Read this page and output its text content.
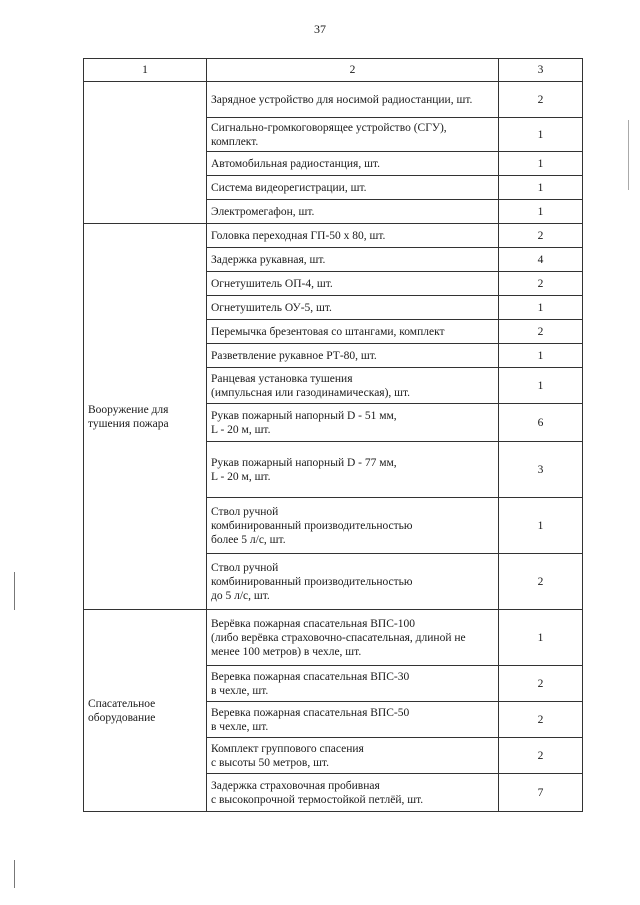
37
1	2	3
	Зарядное устройство для носимой радиостанции, шт.	2
	Сигнально-громкоговорящее устройство (СГУ), комплект.	1
	Автомобильная радиостанция, шт.	1
	Система видеорегистрации, шт.	1
	Электромегафон, шт.	1
Вооружение для тушения пожара	Головка переходная ГП-50 х 80, шт.	2
	Задержка рукавная, шт.	4
	Огнетушитель ОП-4, шт.	2
	Огнетушитель ОУ-5, шт.	1
	Перемычка брезентовая со штангами, комплект	2
	Разветвление рукавное РТ-80, шт.	1
	Ранцевая установка тушения
(импульсная или газодинамическая), шт.	1
	Рукав пожарный напорный D - 51 мм,
L - 20 м, шт.	6
	Рукав пожарный напорный D - 77 мм,
L - 20 м, шт.	3
	Ствол ручной
комбинированный производительностью
более 5 л/с, шт.	1
	Ствол ручной
комбинированный производительностью
до 5 л/с, шт.	2
Спасательное оборудование	Верёвка пожарная спасательная ВПС-100
(либо верёвка страховочно-спасательная, длиной не менее 100 метров) в чехле, шт.	1
	Веревка пожарная спасательная ВПС-30
в чехле, шт.	2
	Веревка пожарная спасательная ВПС-50
в чехле, шт.	2
	Комплект группового спасения
с высоты 50 метров, шт.	2
	Задержка страховочная пробивная
с высокопрочной термостойкой петлёй, шт.	7
